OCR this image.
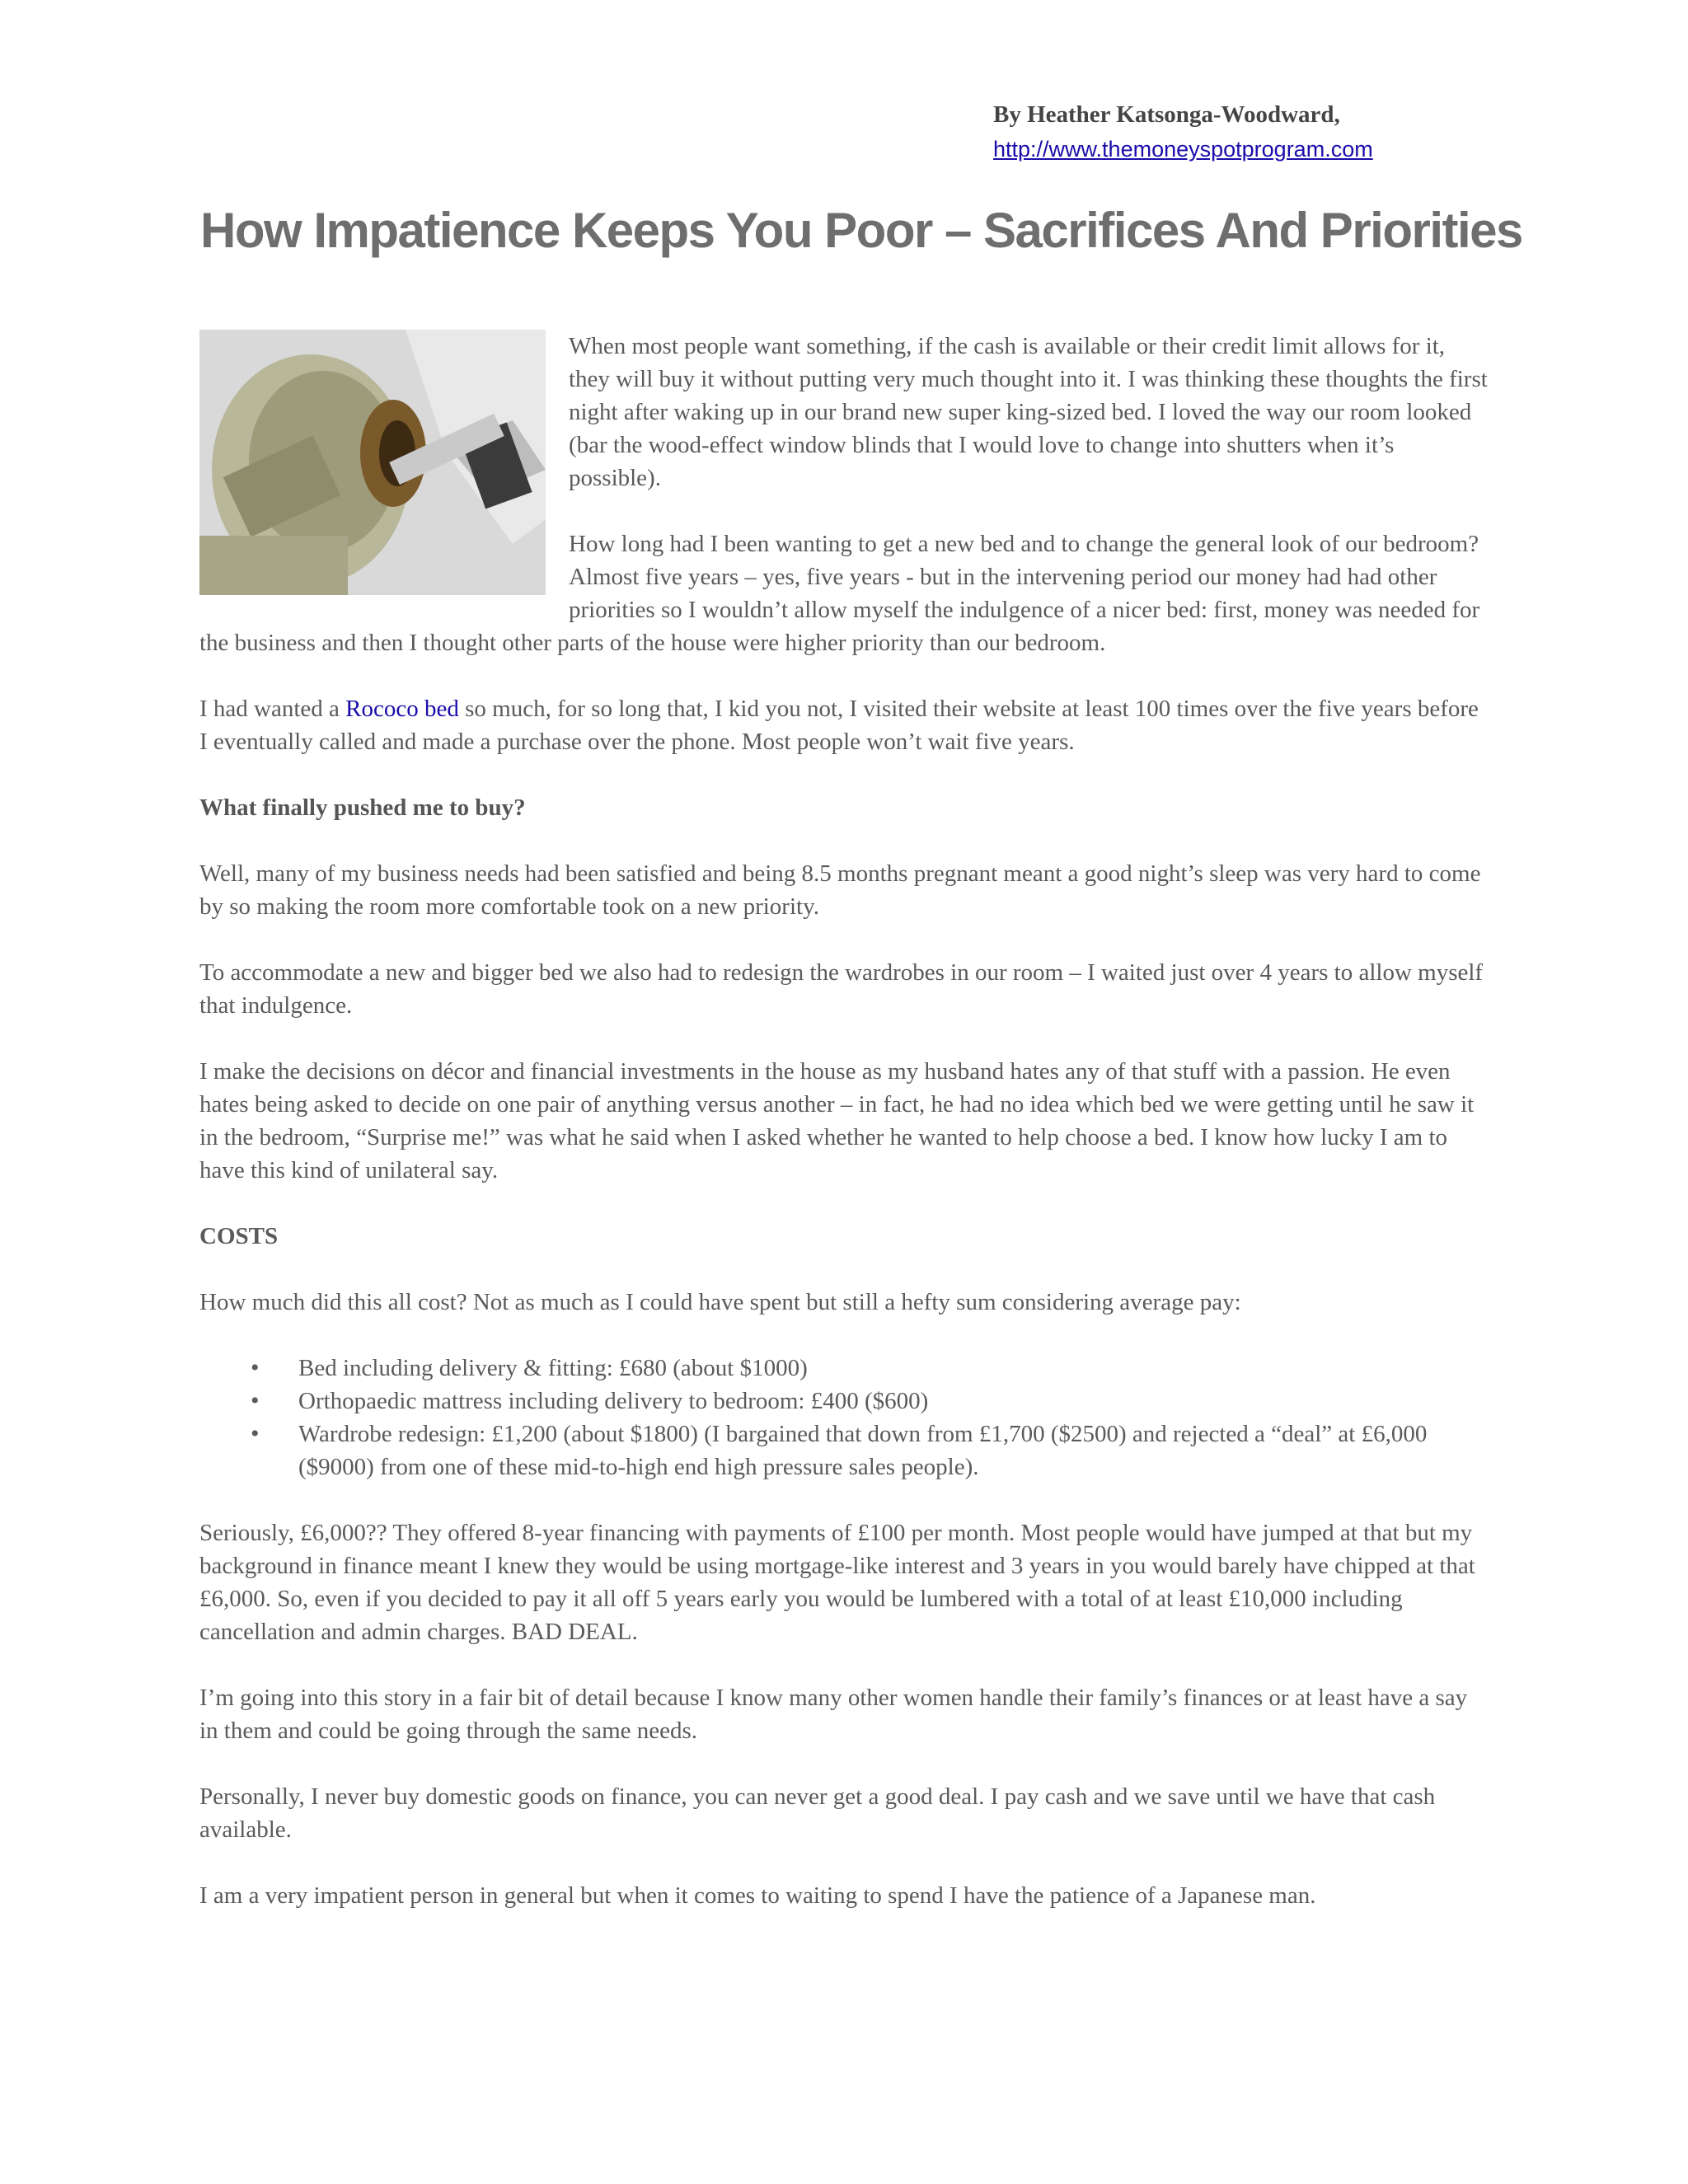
By Heather Katsonga-Woodward,
http://www.themoneyspotprogram.com
How Impatience Keeps You Poor – Sacrifices And Priorities

When most people want something, if the cash is available or their credit limit allows for it, they will buy it without putting very much thought into it. I was thinking these thoughts the first night after waking up in our brand new super king-sized bed. I loved the way our room looked (bar the wood-effect window blinds that I would love to change into shutters when it’s possible).

How long had I been wanting to get a new bed and to change the general look of our bedroom? Almost five years – yes, five years - but in the intervening period our money had had other priorities so I wouldn’t allow myself the indulgence of a nicer bed: first, money was needed for the business and then I thought other parts of the house were higher priority than our bedroom.

I had wanted a Rococo bed so much, for so long that, I kid you not, I visited their website at least 100 times over the five years before I eventually called and made a purchase over the phone. Most people won’t wait five years.

What finally pushed me to buy?

Well, many of my business needs had been satisfied and being 8.5 months pregnant meant a good night’s sleep was very hard to come by so making the room more comfortable took on a new priority.

To accommodate a new and bigger bed we also had to redesign the wardrobes in our room – I waited just over 4 years to allow myself that indulgence.

I make the decisions on décor and financial investments in the house as my husband hates any of that stuff with a passion. He even hates being asked to decide on one pair of anything versus another – in fact, he had no idea which bed we were getting until he saw it in the bedroom, “Surprise me!” was what he said when I asked whether he wanted to help choose a bed. I know how lucky I am to have this kind of unilateral say.

COSTS

How much did this all cost? Not as much as I could have spent but still a hefty sum considering average pay:

• Bed including delivery & fitting: £680 (about $1000)
• Orthopaedic mattress including delivery to bedroom: £400 ($600)
• Wardrobe redesign: £1,200 (about $1800) (I bargained that down from £1,700 ($2500) and rejected a “deal” at £6,000 ($9000) from one of these mid-to-high end high pressure sales people).

Seriously, £6,000?? They offered 8-year financing with payments of £100 per month. Most people would have jumped at that but my background in finance meant I knew they would be using mortgage-like interest and 3 years in you would barely have chipped at that £6,000. So, even if you decided to pay it all off 5 years early you would be lumbered with a total of at least £10,000 including cancellation and admin charges. BAD DEAL.

I’m going into this story in a fair bit of detail because I know many other women handle their family’s finances or at least have a say in them and could be going through the same needs.

Personally, I never buy domestic goods on finance, you can never get a good deal. I pay cash and we save until we have that cash available.

I am a very impatient person in general but when it comes to waiting to spend I have the patience of a Japanese man.
